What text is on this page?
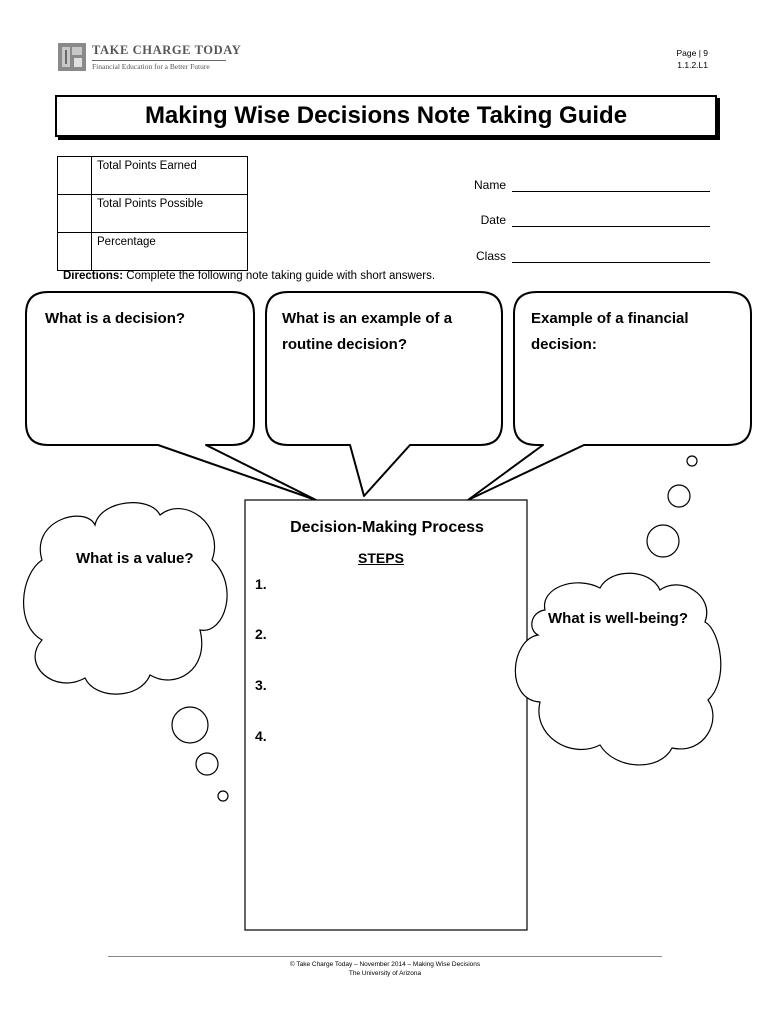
TAKE CHARGE TODAY
Financial Education for a Better Future
Page | 9
1.1.2.L1
Making Wise Decisions Note Taking Guide
	Total Points Earned
	Total Points Possible
	Percentage
Name
Date
Class
Directions: Complete the following note taking guide with short answers.
What is a decision?	What is an example of a
routine decision?
Example of a financial
decision:
What is a value?
What is well-being?
Decision-Making Process
STEPS
1.
2.
3.
4.
© Take Charge Today – November 2014 – Making Wise Decisions
The University of Arizona
